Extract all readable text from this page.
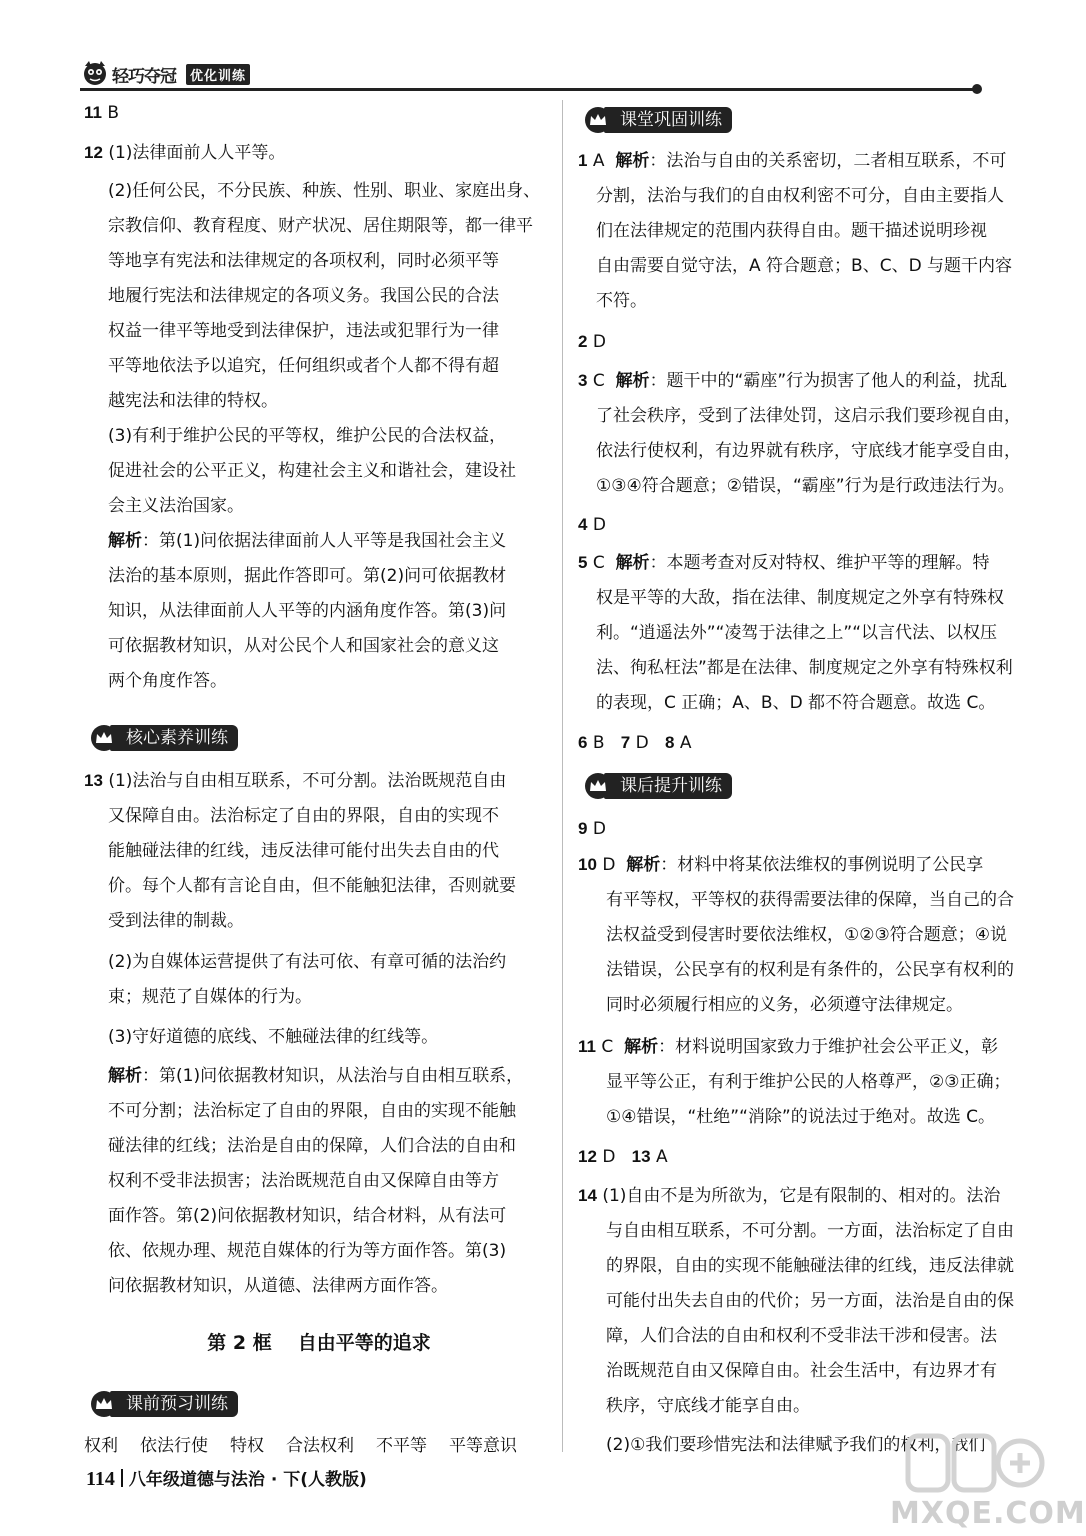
轻巧夺冠	优化训练
11 B
12 (1)法律面前人人平等。
(2)任何公民，不分民族、种族、性别、职业、家庭出身、
宗教信仰、教育程度、财产状况、居住期限等，都一律平
等地享有宪法和法律规定的各项权利，同时必须平等
地履行宪法和法律规定的各项义务。我国公民的合法
权益一律平等地受到法律保护，违法或犯罪行为一律
平等地依法予以追究，任何组织或者个人都不得有超
越宪法和法律的特权。
(3)有利于维护公民的平等权，维护公民的合法权益，
促进社会的公平正义，构建社会主义和谐社会，建设社
会主义法治国家。
解析：第(1)问依据法律面前人人平等是我国社会主义
法治的基本原则，据此作答即可。第(2)问可依据教材
知识，从法律面前人人平等的内涵角度作答。第(3)问
可依据教材知识，从对公民个人和国家社会的意义这
两个角度作答。
核心素养训练
13 (1)法治与自由相互联系，不可分割。法治既规范自由
又保障自由。法治标定了自由的界限，自由的实现不
能触碰法律的红线，违反法律可能付出失去自由的代
价。每个人都有言论自由，但不能触犯法律，否则就要
受到法律的制裁。
(2)为自媒体运营提供了有法可依、有章可循的法治约
束；规范了自媒体的行为。
(3)守好道德的底线、不触碰法律的红线等。
解析：第(1)问依据教材知识，从法治与自由相互联系，
不可分割；法治标定了自由的界限，自由的实现不能触
碰法律的红线；法治是自由的保障，人们合法的自由和
权利不受非法损害；法治既规范自由又保障自由等方
面作答。第(2)问依据教材知识，结合材料，从有法可
依、依规办理、规范自媒体的行为等方面作答。第(3)
问依据教材知识，从道德、法律两方面作答。
第 2 框 自由平等的追求
课前预习训练
权利 依法行使 特权 合法权利 不平等 平等意识
课堂巩固训练
1 A 解析：法治与自由的关系密切，二者相互联系，不可
分割，法治与我们的自由权利密不可分，自由主要指人
们在法律规定的范围内获得自由。题干描述说明珍视
自由需要自觉守法，A 符合题意；B、C、D 与题干内容
不符。
2 D
3 C 解析：题干中的“霸座”行为损害了他人的利益，扰乱
了社会秩序，受到了法律处罚，这启示我们要珍视自由，
依法行使权利，有边界就有秩序，守底线才能享受自由，
①③④符合题意；②错误，“霸座”行为是行政违法行为。
4 D
5 C 解析：本题考查对反对特权、维护平等的理解。特
权是平等的大敌，指在法律、制度规定之外享有特殊权
利。“逍遥法外”“凌驾于法律之上”“以言代法、以权压
法、徇私枉法”都是在法律、制度规定之外享有特殊权利
的表现，C 正确；A、B、D 都不符合题意。故选 C。
6 B 7 D 8 A
课后提升训练
9 D
10 D 解析：材料中将某依法维权的事例说明了公民享
有平等权，平等权的获得需要法律的保障，当自己的合
法权益受到侵害时要依法维权，①②③符合题意；④说
法错误，公民享有的权利是有条件的，公民享有权利的
同时必须履行相应的义务，必须遵守法律规定。
11 C 解析：材料说明国家致力于维护社会公平正义，彰
显平等公正，有利于维护公民的人格尊严，②③正确；
①④错误，“杜绝”“消除”的说法过于绝对。故选 C。
12 D 13 A
14 (1)自由不是为所欲为，它是有限制的、相对的。法治
与自由相互联系，不可分割。一方面，法治标定了自由
的界限，自由的实现不能触碰法律的红线，违反法律就
可能付出失去自由的代价；另一方面，法治是自由的保
障，人们合法的自由和权利不受非法干涉和侵害。法
治既规范自由又保障自由。社会生活中，有边界才有
秩序，守底线才能享自由。
(2)①我们要珍惜宪法和法律赋予我们的权利，我们
114 八年级道德与法治 · 下(人教版)
MXQE.COM
